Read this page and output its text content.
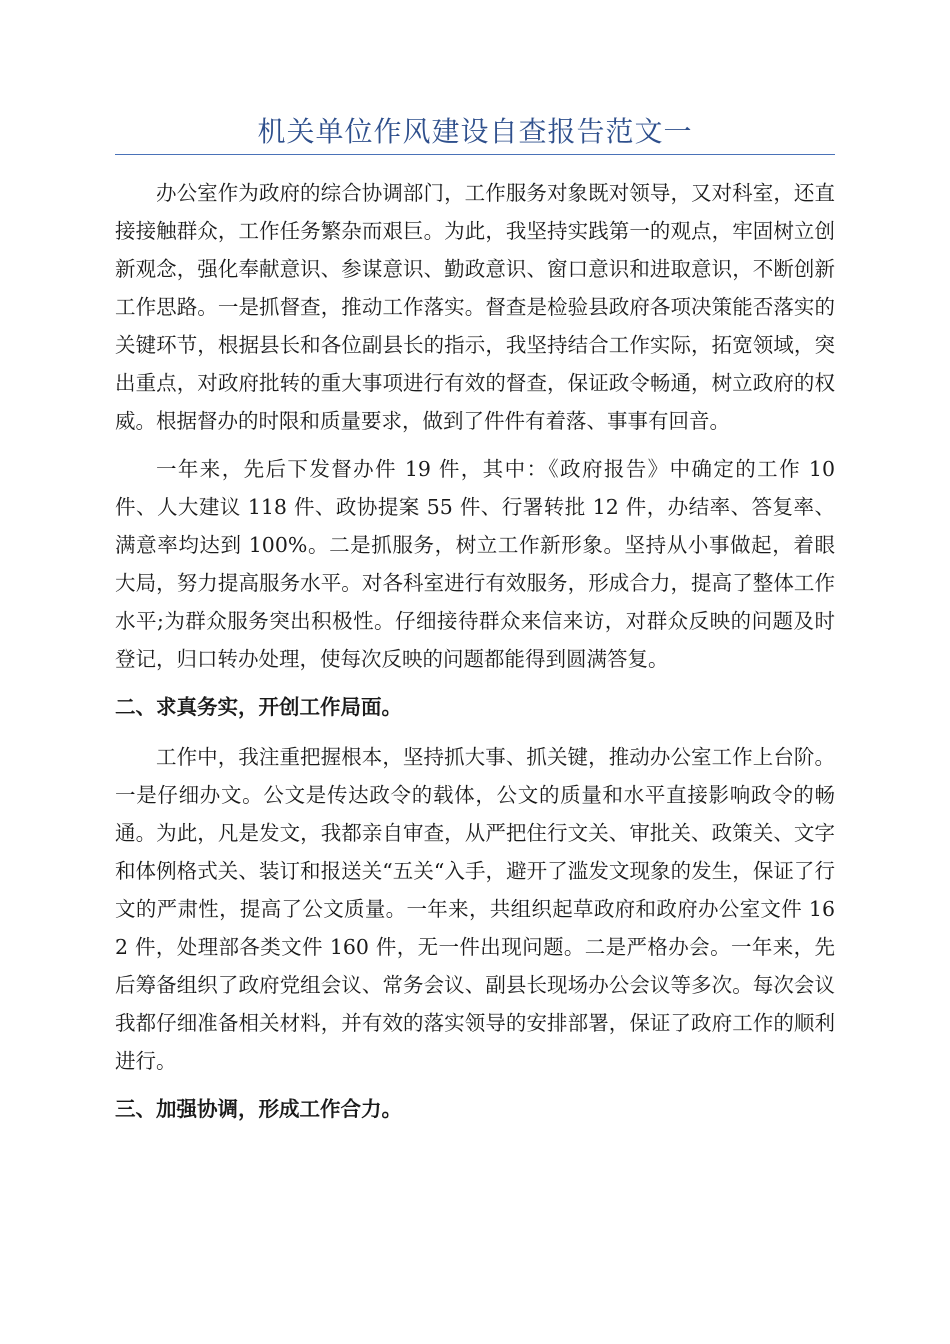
机关单位作风建设自查报告范文一

办公室作为政府的综合协调部门，工作服务对象既对领导，又对科室，还直接接触群众，工作任务繁杂而艰巨。为此，我坚持实践第一的观点，牢固树立创新观念，强化奉献意识、参谋意识、勤政意识、窗口意识和进取意识，不断创新工作思路。一是抓督查，推动工作落实。督查是检验县政府各项决策能否落实的关键环节，根据县长和各位副县长的指示，我坚持结合工作实际，拓宽领域，突出重点，对政府批转的重大事项进行有效的督查，保证政令畅通，树立政府的权威。根据督办的时限和质量要求，做到了件件有着落、事事有回音。

一年来，先后下发督办件 19 件，其中：《政府报告》中确定的工作 10 件、人大建议 118 件、政协提案 55 件、行署转批 12 件，办结率、答复率、满意率均达到 100%。二是抓服务，树立工作新形象。坚持从小事做起，着眼大局，努力提高服务水平。对各科室进行有效服务，形成合力，提高了整体工作水平;为群众服务突出积极性。仔细接待群众来信来访，对群众反映的问题及时登记，归口转办处理，使每次反映的问题都能得到圆满答复。

二、求真务实，开创工作局面。

工作中，我注重把握根本，坚持抓大事、抓关键，推动办公室工作上台阶。一是仔细办文。公文是传达政令的载体，公文的质量和水平直接影响政令的畅通。为此，凡是发文，我都亲自审查，从严把住行文关、审批关、政策关、文字和体例格式关、装订和报送关“五关“入手，避开了滥发文现象的发生，保证了行文的严肃性，提高了公文质量。一年来，共组织起草政府和政府办公室文件 162 件，处理部各类文件 160 件，无一件出现问题。二是严格办会。一年来，先后筹备组织了政府党组会议、常务会议、副县长现场办公会议等多次。每次会议我都仔细准备相关材料，并有效的落实领导的安排部署，保证了政府工作的顺利进行。

三、加强协调，形成工作合力。
